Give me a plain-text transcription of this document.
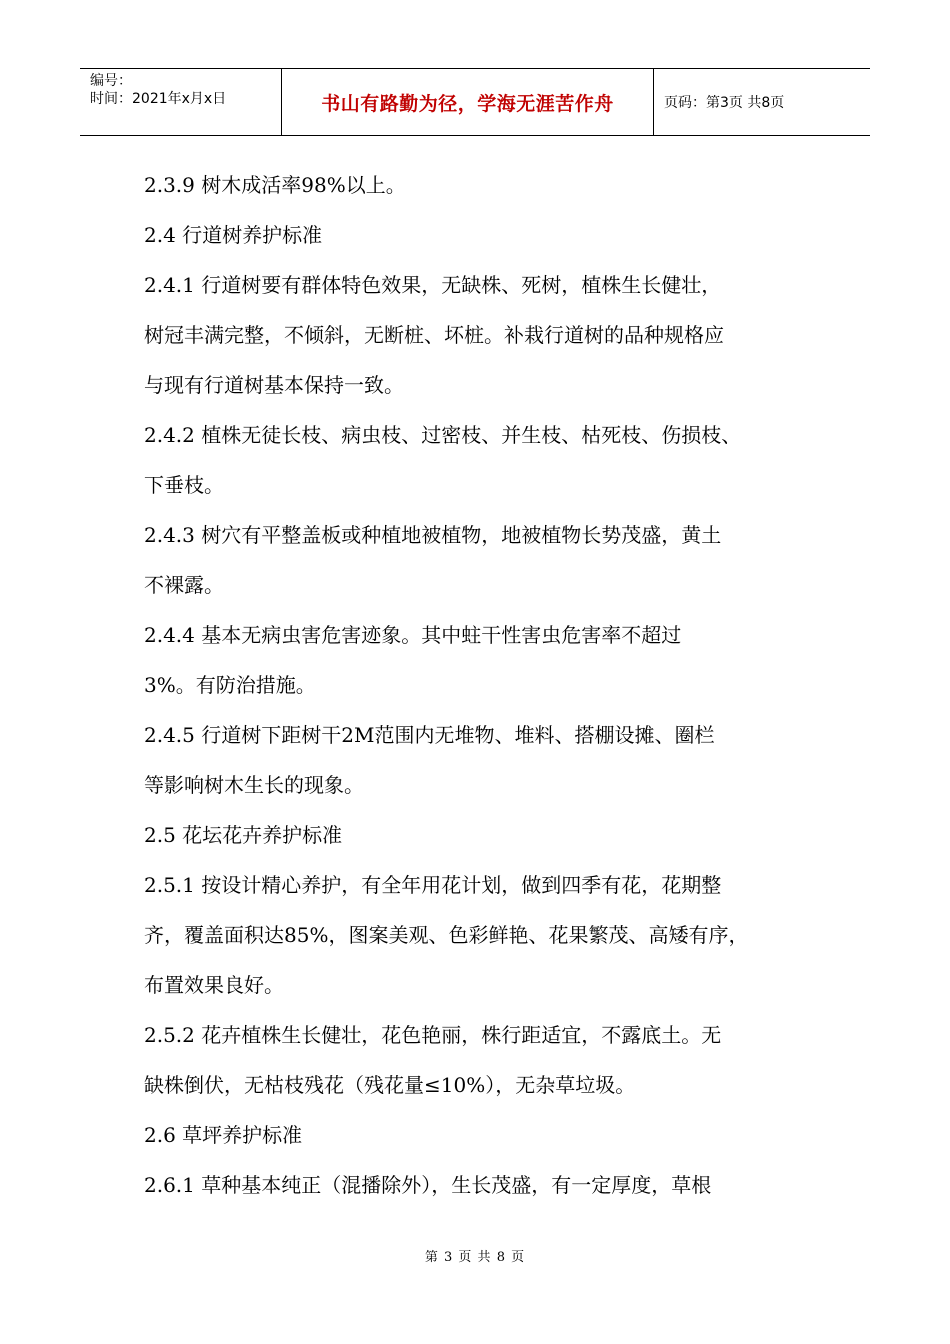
编号：
时间：2021年x月x日	书山有路勤为径，学海无涯苦作舟	页码：第3页 共8页

2.3.9 树木成活率98%以上。

2.4 行道树养护标准

2.4.1 行道树要有群体特色效果，无缺株、死树，植株生长健壮，

树冠丰满完整，不倾斜，无断桩、坏桩。补栽行道树的品种规格应

与现有行道树基本保持一致。

2.4.2 植株无徒长枝、病虫枝、过密枝、并生枝、枯死枝、伤损枝、

下垂枝。

2.4.3 树穴有平整盖板或种植地被植物，地被植物长势茂盛，黄土

不裸露。

2.4.4 基本无病虫害危害迹象。其中蛀干性害虫危害率不超过

3%。有防治措施。

2.4.5 行道树下距树干2M范围内无堆物、堆料、搭棚设摊、圈栏

等影响树木生长的现象。

2.5 花坛花卉养护标准

2.5.1 按设计精心养护，有全年用花计划，做到四季有花，花期整

齐，覆盖面积达85%，图案美观、色彩鲜艳、花果繁茂、高矮有序，

布置效果良好。

2.5.2 花卉植株生长健壮，花色艳丽，株行距适宜，不露底土。无

缺株倒伏，无枯枝残花（残花量≤10%），无杂草垃圾。

2.6 草坪养护标准

2.6.1 草种基本纯正（混播除外），生长茂盛，有一定厚度，草根

第 3 页 共 8 页
